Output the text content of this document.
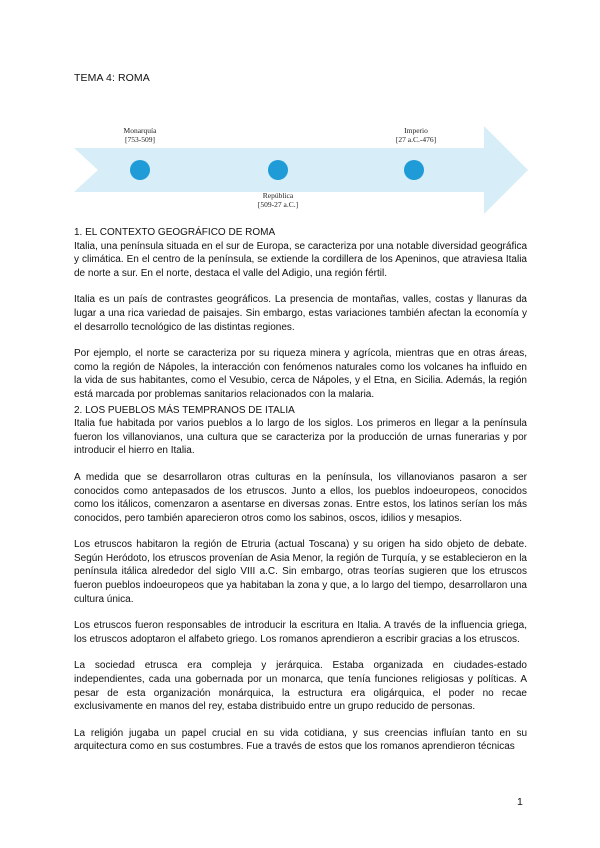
TEMA 4: ROMA
Monarquía
[753-509]
República
[509-27 a.C.]
Imperio
[27 a.C.-476]
1. EL CONTEXTO GEOGRÁFICO DE ROMA

Italia, una península situada en el sur de Europa, se caracteriza por una notable diversidad geográfica y climática. En el centro de la península, se extiende la cordillera de los Apeninos, que atraviesa Italia de norte a sur. En el norte, destaca el valle del Adigio, una región fértil.

Italia es un país de contrastes geográficos. La presencia de montañas, valles, costas y llanuras da lugar a una rica variedad de paisajes. Sin embargo, estas variaciones también afectan la economía y el desarrollo tecnológico de las distintas regiones.

Por ejemplo, el norte se caracteriza por su riqueza minera y agrícola, mientras que en otras áreas, como la región de Nápoles, la interacción con fenómenos naturales como los volcanes ha influido en la vida de sus habitantes, como el Vesubio, cerca de Nápoles, y el Etna, en Sicilia. Además, la región está marcada por problemas sanitarios relacionados con la malaria.

2. LOS PUEBLOS MÁS TEMPRANOS DE ITALIA

Italia fue habitada por varios pueblos a lo largo de los siglos. Los primeros en llegar a la península fueron los villanovianos, una cultura que se caracteriza por la producción de urnas funerarias y por introducir el hierro en Italia.

A medida que se desarrollaron otras culturas en la península, los villanovianos pasaron a ser conocidos como antepasados de los etruscos. Junto a ellos, los pueblos indoeuropeos, conocidos como los itálicos, comenzaron a asentarse en diversas zonas. Entre estos, los latinos serían los más conocidos, pero también aparecieron otros como los sabinos, oscos, idilios y mesapios.

Los etruscos habitaron la región de Etruria (actual Toscana) y su origen ha sido objeto de debate. Según Heródoto, los etruscos provenían de Asia Menor, la región de Turquía, y se establecieron en la península itálica alrededor del siglo VIII a.C. Sin embargo, otras teorías sugieren que los etruscos fueron pueblos indoeuropeos que ya habitaban la zona y que, a lo largo del tiempo, desarrollaron una cultura única.

Los etruscos fueron responsables de introducir la escritura en Italia. A través de la influencia griega, los etruscos adoptaron el alfabeto griego. Los romanos aprendieron a escribir gracias a los etruscos.

La sociedad etrusca era compleja y jerárquica. Estaba organizada en ciudades-estado independientes, cada una gobernada por un monarca, que tenía funciones religiosas y políticas. A pesar de esta organización monárquica, la estructura era oligárquica, el poder no recae exclusivamente en manos del rey, estaba distribuido entre un grupo reducido de personas.

La religión jugaba un papel crucial en su vida cotidiana, y sus creencias influían tanto en su arquitectura como en sus costumbres. Fue a través de estos que los romanos aprendieron técnicas

1
